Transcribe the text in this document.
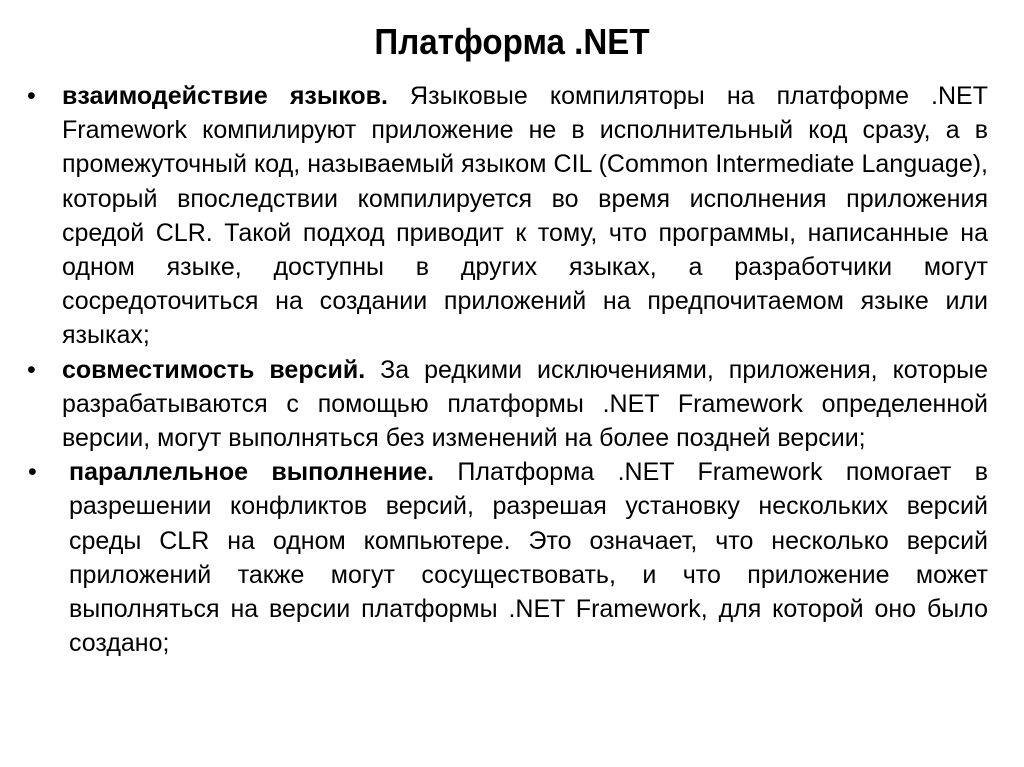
Платформа .NET
• взаимодействие языков. Языковые компиляторы на платформе .NET Framework компилируют приложение не в исполнительный код сразу, а в промежуточный код, называемый языком CIL (Common Intermediate Language), который впоследствии компилируется во время исполнения приложения средой CLR. Такой подход приводит к тому, что программы, написанные на одном языке, доступны в других языках, а разработчики могут сосредоточиться на создании приложений на предпочитаемом языке или языках;
• совместимость версий. За редкими исключениями, приложения, которые разрабатываются с помощью платформы .NET Framework определенной версии, могут выполняться без изменений на более поздней версии;
• параллельное выполнение. Платформа .NET Framework помогает в разрешении конфликтов версий, разрешая установку нескольких версий среды CLR на одном компьютере. Это означает, что несколько версий приложений также могут сосуществовать, и что приложение может выполняться на версии платформы .NET Framework, для которой оно было создано;
